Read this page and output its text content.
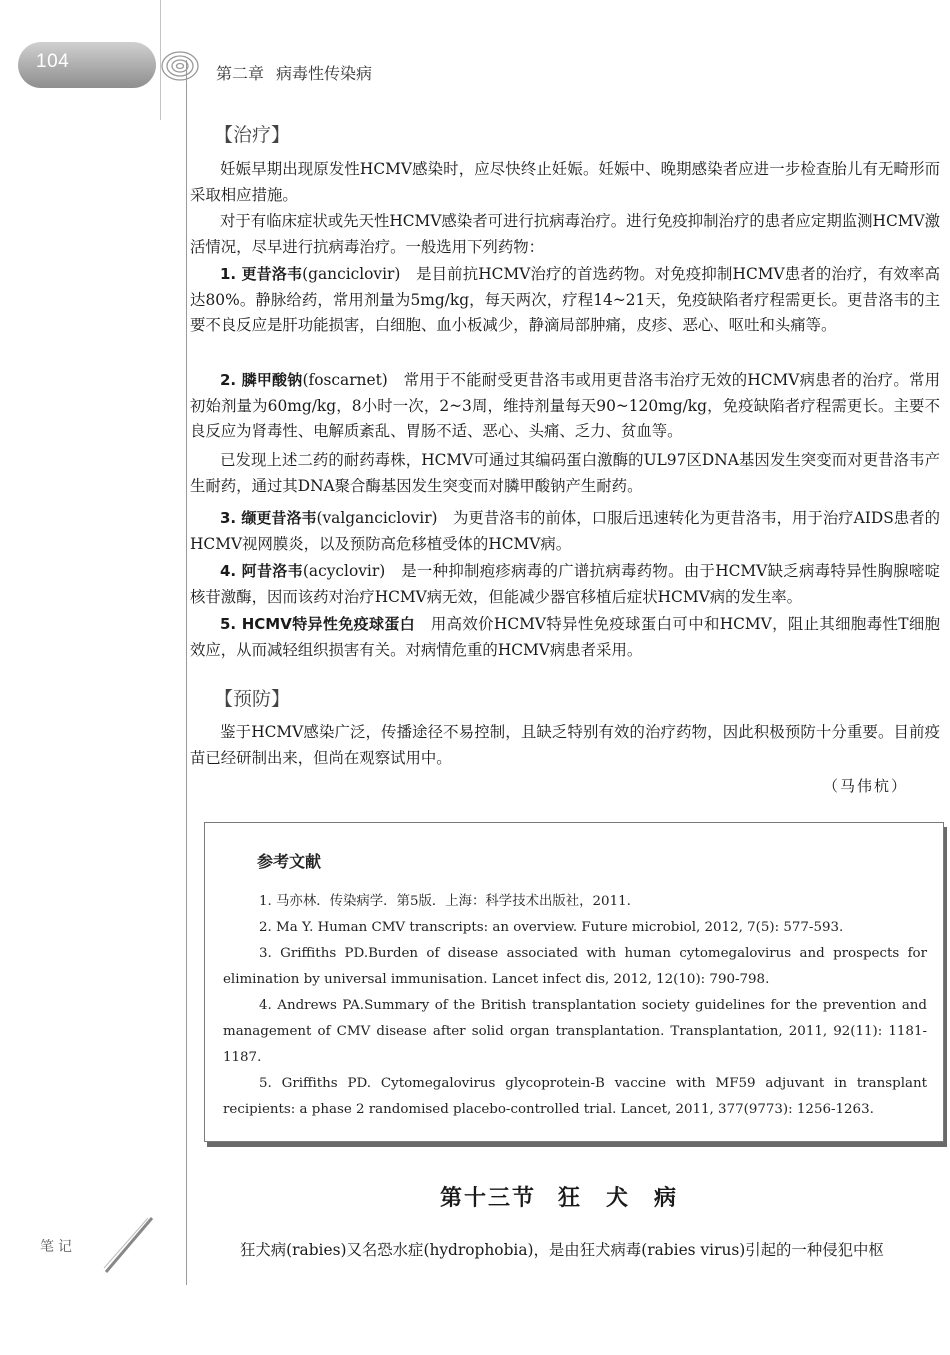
104
第二章 病毒性传染病
【治疗】
妊娠早期出现原发性HCMV感染时，应尽快终止妊娠。妊娠中、晚期感染者应进一步检查胎儿有无畸形而采取相应措施。
对于有临床症状或先天性HCMV感染者可进行抗病毒治疗。进行免疫抑制治疗的患者应定期监测HCMV激活情况，尽早进行抗病毒治疗。一般选用下列药物：
1. 更昔洛韦(ganciclovir)　是目前抗HCMV治疗的首选药物。对免疫抑制HCMV患者的治疗，有效率高达80%。静脉给药，常用剂量为5mg/kg，每天两次，疗程14~21天，免疫缺陷者疗程需更长。更昔洛韦的主要不良反应是肝功能损害，白细胞、血小板减少，静滴局部肿痛，皮疹、恶心、呕吐和头痛等。
2. 膦甲酸钠(foscarnet)　常用于不能耐受更昔洛韦或用更昔洛韦治疗无效的HCMV病患者的治疗。常用初始剂量为60mg/kg，8小时一次，2~3周，维持剂量每天90~120mg/kg，免疫缺陷者疗程需更长。主要不良反应为肾毒性、电解质紊乱、胃肠不适、恶心、头痛、乏力、贫血等。
已发现上述二药的耐药毒株，HCMV可通过其编码蛋白激酶的UL97区DNA基因发生突变而对更昔洛韦产生耐药，通过其DNA聚合酶基因发生突变而对膦甲酸钠产生耐药。
3. 缬更昔洛韦(valganciclovir)　为更昔洛韦的前体，口服后迅速转化为更昔洛韦，用于治疗AIDS患者的HCMV视网膜炎，以及预防高危移植受体的HCMV病。
4. 阿昔洛韦(acyclovir)　是一种抑制疱疹病毒的广谱抗病毒药物。由于HCMV缺乏病毒特异性胸腺嘧啶核苷激酶，因而该药对治疗HCMV病无效，但能减少器官移植后症状HCMV病的发生率。
5. HCMV特异性免疫球蛋白　用高效价HCMV特异性免疫球蛋白可中和HCMV，阻止其细胞毒性T细胞效应，从而减轻组织损害有关。对病情危重的HCMV病患者采用。
【预防】
鉴于HCMV感染广泛，传播途径不易控制，且缺乏特别有效的治疗药物，因此积极预防十分重要。目前疫苗已经研制出来，但尚在观察试用中。
（马伟杭）
参考文献

1. 马亦林．传染病学．第5版．上海：科学技术出版社，2011.

2. Ma Y. Human CMV transcripts: an overview. Future microbiol, 2012, 7(5): 577-593.

3. Griffiths PD.Burden of disease associated with human cytomegalovirus and prospects for elimination by universal immunisation. Lancet infect dis, 2012, 12(10): 790-798.

4. Andrews PA.Summary of the British transplantation society guidelines for the prevention and management of CMV disease after solid organ transplantation. Transplantation, 2011, 92(11): 1181-1187.

5. Griffiths PD. Cytomegalovirus glycoprotein-B vaccine with MF59 adjuvant in transplant recipients: a phase 2 randomised placebo-controlled trial. Lancet, 2011, 377(9773): 1256-1263.

第十三节 狂　犬　病
笔记	狂犬病(rabies)又名恐水症(hydrophobia)，是由狂犬病毒(rabies virus)引起的一种侵犯中枢
